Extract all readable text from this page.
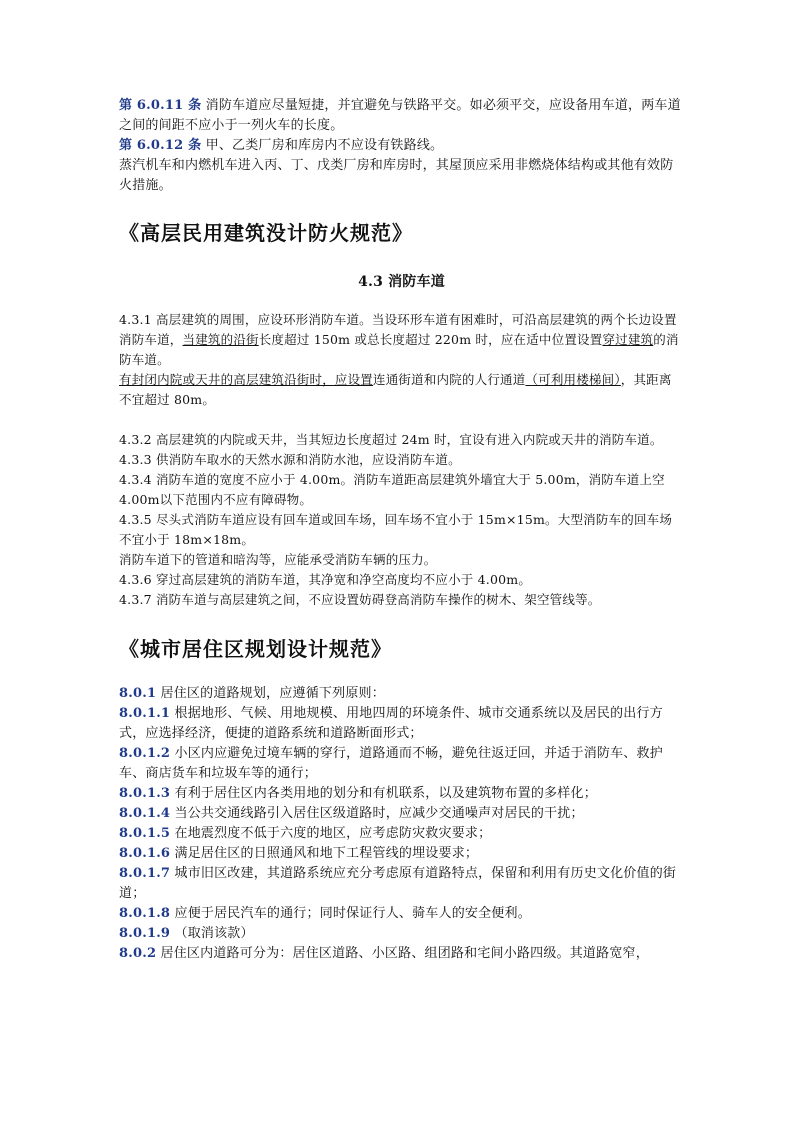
第 6.0.11 条 消防车道应尽量短捷，并宜避免与铁路平交。如必须平交，应设备用车道，两车道之间的间距不应小于一列火车的长度。

第 6.0.12 条 甲、乙类厂房和库房内不应设有铁路线。

蒸汽机车和内燃机车进入丙、丁、戊类厂房和库房时，其屋顶应采用非燃烧体结构或其他有效防火措施。

《高层民用建筑没计防火规范》

4.3 消防车道

4.3.1 高层建筑的周围，应设环形消防车道。当设环形车道有困难时，可沿高层建筑的两个长边设置消防车道，当建筑的沿街长度超过 150m 或总长度超过 220m 时，应在适中位置设置穿过建筑的消防车道。

有封闭内院或天井的高层建筑沿街时，应设置连通街道和内院的人行通道（可利用楼梯间），其距离不宜超过 80m。

4.3.2 高层建筑的内院或天井，当其短边长度超过 24m 时，宜设有进入内院或天井的消防车道。

4.3.3 供消防车取水的天然水源和消防水池，应设消防车道。

4.3.4 消防车道的宽度不应小于 4.00m。消防车道距高层建筑外墙宜大于 5.00m，消防车道上空 4.00m以下范围内不应有障碍物。

4.3.5 尽头式消防车道应设有回车道或回车场，回车场不宜小于 15m×15m。大型消防车的回车场不宜小于 18m×18m。

消防车道下的管道和暗沟等，应能承受消防车辆的压力。

4.3.6 穿过高层建筑的消防车道，其净宽和净空高度均不应小于 4.00m。

4.3.7 消防车道与高层建筑之间，不应设置妨碍登高消防车操作的树木、架空管线等。

《城市居住区规划设计规范》

8.0.1 居住区的道路规划，应遵循下列原则：

8.0.1.1 根据地形、气候、用地规模、用地四周的环境条件、城市交通系统以及居民的出行方式，应选择经济，便捷的道路系统和道路断面形式；

8.0.1.2 小区内应避免过境车辆的穿行，道路通而不畅，避免往返迂回，并适于消防车、救护车、商店货车和垃圾车等的通行；

8.0.1.3 有利于居住区内各类用地的划分和有机联系，以及建筑物布置的多样化；

8.0.1.4 当公共交通线路引入居住区级道路时，应减少交通噪声对居民的干扰；

8.0.1.5 在地震烈度不低于六度的地区，应考虑防灾救灾要求；

8.0.1.6 满足居住区的日照通风和地下工程管线的埋设要求；

8.0.1.7 城市旧区改建，其道路系统应充分考虑原有道路特点，保留和利用有历史文化价值的街道；

8.0.1.8 应便于居民汽车的通行；同时保证行人、骑车人的安全便利。

8.0.1.9 （取消该款）

8.0.2 居住区内道路可分为：居住区道路、小区路、组团路和宅间小路四级。其道路宽窄，
